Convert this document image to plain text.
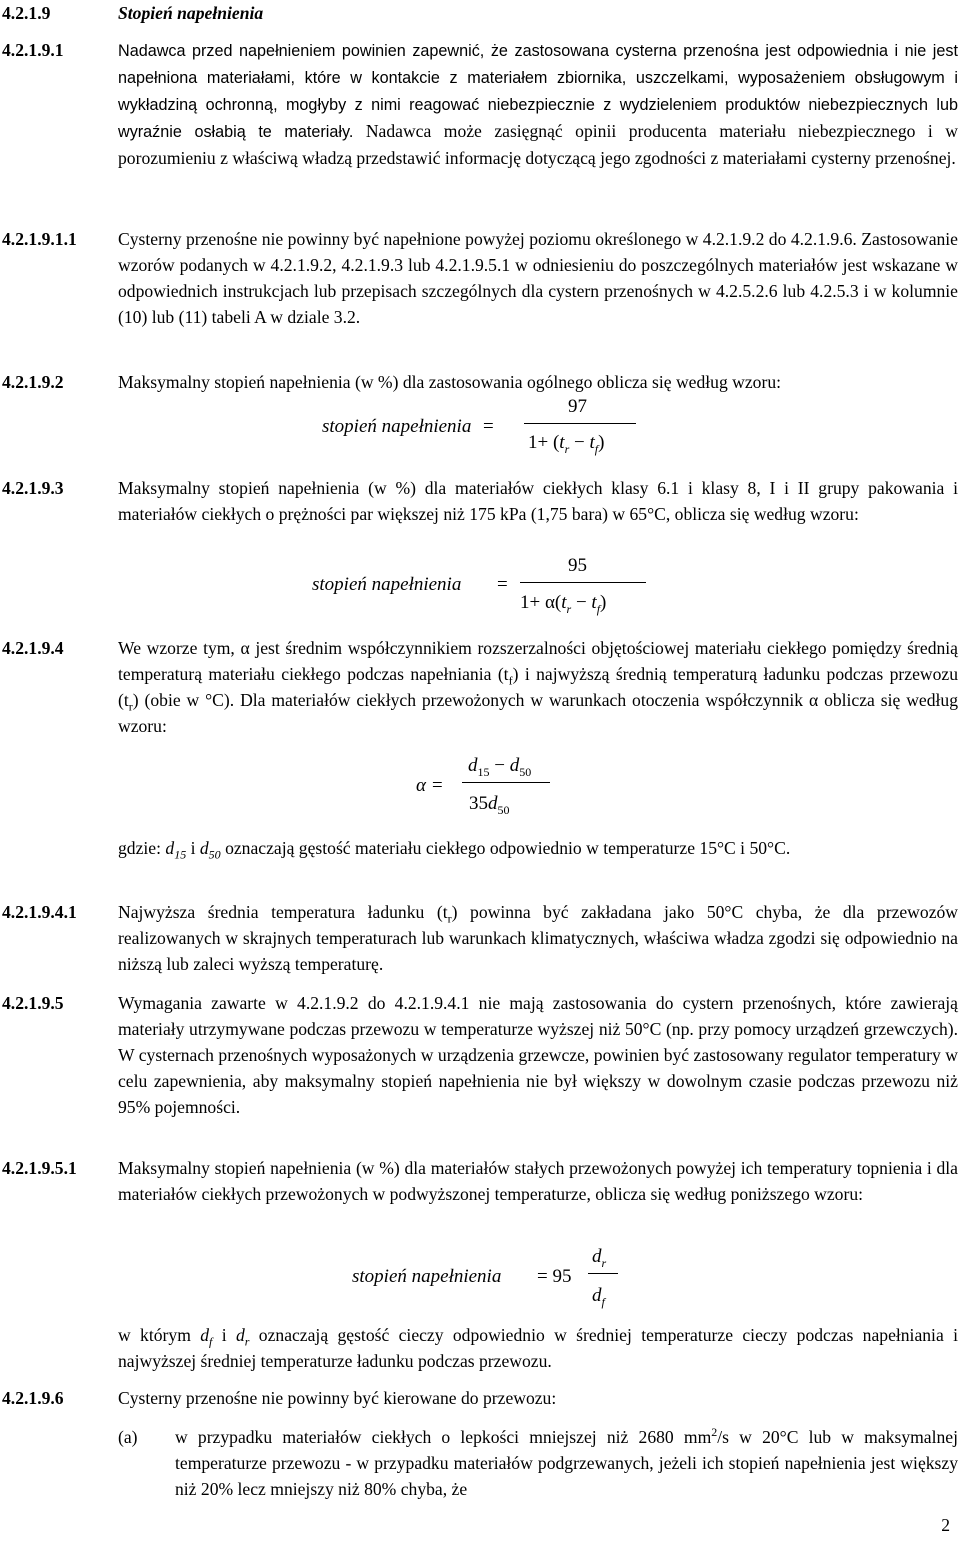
4.2.1.9	Stopień napełnienia
4.2.1.9.1	Nadawca przed napełnieniem powinien zapewnić, że zastosowana cysterna przenośna jest odpowiednia i nie jest napełniona materiałami, które w kontakcie z materiałem zbiornika, uszczelkami, wyposażeniem obsługowym i wykładziną ochronną, mogłyby z nimi reagować niebezpiecznie z wydzieleniem produktów niebezpiecznych lub wyraźnie osłabią te materiały. Nadawca może zasięgnąć opinii producenta materiału niebezpiecznego i w porozumieniu z właściwą władzą przedstawić informację dotyczącą jego zgodności z materiałami cysterny przenośnej.
4.2.1.9.1.1 Cysterny przenośne nie powinny być napełnione powyżej poziomu określonego w 4.2.1.9.2 do 4.2.1.9.6. Zastosowanie wzorów podanych w 4.2.1.9.2, 4.2.1.9.3 lub 4.2.1.9.5.1 w odniesieniu do poszczególnych materiałów jest wskazane w odpowiednich instrukcjach lub przepisach szczególnych dla cystern przenośnych w 4.2.5.2.6 lub 4.2.5.3 i w kolumnie (10) lub (11) tabeli A w dziale 3.2.
4.2.1.9.2	Maksymalny stopień napełnienia (w %) dla zastosowania ogólnego oblicza się według wzoru:
stopień napełnienia =
97
$1+ (t_r - t_f)$
4.2.1.9.3	Maksymalny stopień napełnienia (w %) dla materiałów ciekłych klasy 6.1 i klasy 8, I i II grupy pakowania i materiałów ciekłych o prężności par większej niż 175 kPa (1,75 bara) w 65°C, oblicza się według wzoru:
stopień napełnienia =
95
$1+ \alpha(t_r - t_f)$
4.2.1.9.4	We wzorze tym, α jest średnim współczynnikiem rozszerzalności objętościowej materiału ciekłego pomiędzy średnią temperaturą materiału ciekłego podczas napełniania $(t_f)$ i najwyższą średnią temperaturą ładunku podczas przewozu $(t_r)$ (obie w °C). Dla materiałów ciekłych przewożonych w warunkach otoczenia współczynnik α oblicza się według wzoru:
α =
$d_{15} - d_{50}$
$35d_{50}$
gdzie: $d_{15}$ i $d_{50}$ oznaczają gęstość materiału ciekłego odpowiednio w temperaturze 15°C i 50°C.
4.2.1.9.4.1 Najwyższa średnia temperatura ładunku $(t_r)$ powinna być zakładana jako 50°C chyba, że dla przewozów realizowanych w skrajnych temperaturach lub warunkach klimatycznych, właściwa władza zgodzi się odpowiednio na niższą lub zaleci wyższą temperaturę.
4.2.1.9.5	Wymagania zawarte w 4.2.1.9.2 do 4.2.1.9.4.1 nie mają zastosowania do cystern przenośnych, które zawierają materiały utrzymywane podczas przewozu w temperaturze wyższej niż 50°C (np. przy pomocy urządzeń grzewczych). W cysternach przenośnych wyposażonych w urządzenia grzewcze, powinien być zastosowany regulator temperatury w celu zapewnienia, aby maksymalny stopień napełnienia nie był większy w dowolnym czasie podczas przewozu niż 95% pojemności.
4.2.1.9.5.1 Maksymalny stopień napełnienia (w %) dla materiałów stałych przewożonych powyżej ich temperatury topnienia i dla materiałów ciekłych przewożonych w podwyższonej temperaturze, oblicza się według poniższego wzoru:
stopień napełnienia = 95
$d_r$
$d_f$
w którym $d_f$ i $d_r$ oznaczają gęstość cieczy odpowiednio w średniej temperaturze cieczy podczas napełniania i najwyższej średniej temperaturze ładunku podczas przewozu.
4.2.1.9.6	Cysterny przenośne nie powinny być kierowane do przewozu:
(a) w przypadku materiałów ciekłych o lepkości mniejszej niż 2680 $mm^2/s$ w 20°C lub w maksymalnej temperaturze przewozu - w przypadku materiałów podgrzewanych, jeżeli ich stopień napełnienia jest większy niż 20% lecz mniejszy niż 80% chyba, że
2
